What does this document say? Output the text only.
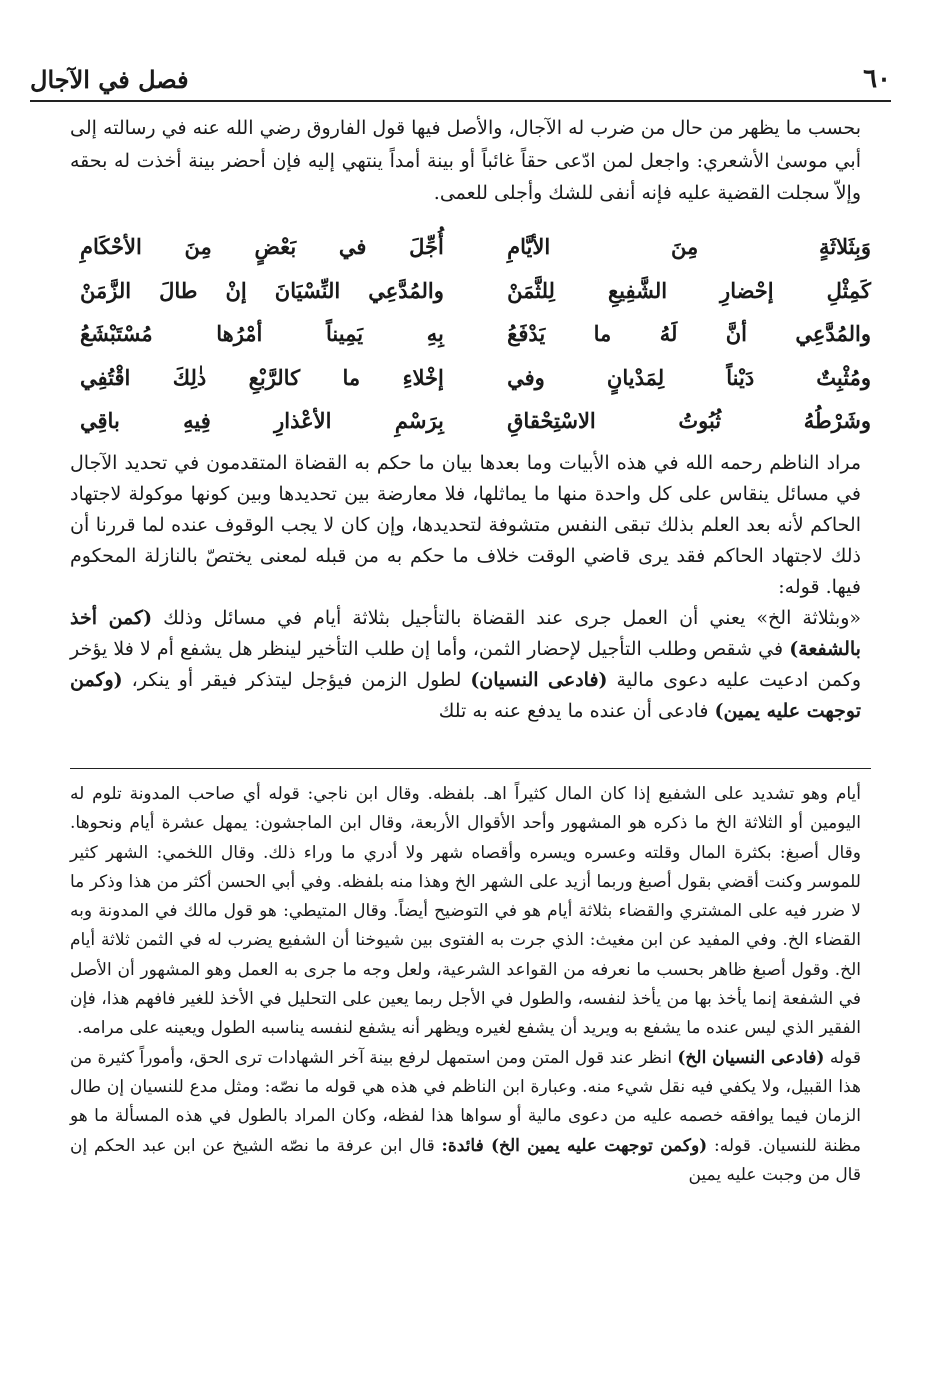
فصل في الآجال	٦٠

بحسب ما يظهر من حال من ضرب له الآجال، والأصل فيها قول الفاروق رضي الله عنه في رسالته إلى أبي موسىٰ الأشعري: واجعل لمن ادّعى حقاً غائباً أو بينة أمداً ينتهي إليه فإن أحضر بينة أخذت له بحقه وإلاّ سجلت القضية عليه فإنه أنفى للشك وأجلى للعمى.

وَبِثَلاثَةٍ مِنَ الأيَّامِ
أُجِّلَ في بَعْضٍ مِنَ الأحْكَامِ
كَمِثْلِ إحْضارِ الشَّفِيعِ لِلثَّمَنْ
والمُدَّعِي النِّسْيَانَ إنْ طالَ الزَّمَنْ
والمُدَّعِي أنَّ لَهُ ما يَدْفَعُ
بِهِ يَمِيناً أمْرُها مُسْتَبْشَعُ
ومُثْبِتٌ دَيْناً لِمَدْيانٍ وفي
إخْلاءِ ما كالرَّبْعِ ذٰلِكَ اقْتُفِي
وشَرْطُهُ ثُبُوتُ الاسْتِحْقاقِ
بِرَسْمِ الأعْذارِ فِيهِ باقِي

مراد الناظم رحمه الله في هذه الأبيات وما بعدها بيان ما حكم به القضاة المتقدمون في تحديد الآجال في مسائل ينقاس على كل واحدة منها ما يماثلها، فلا معارضة بين تحديدها وبين كونها موكولة لاجتهاد الحاكم لأنه بعد العلم بذلك تبقى النفس متشوفة لتحديدها، وإن كان لا يجب الوقوف عنده لما قررنا أن ذلك لاجتهاد الحاكم فقد يرى قاضي الوقت خلاف ما حكم به من قبله لمعنى يختصّ بالنازلة المحكوم فيها. قوله:

«وبثلاثة الخ» يعني أن العمل جرى عند القضاة بالتأجيل بثلاثة أيام في مسائل وذلك (كمن أخذ بالشفعة) في شقص وطلب التأجيل لإحضار الثمن، وأما إن طلب التأخير لينظر هل يشفع أم لا فلا يؤخر وكمن ادعيت عليه دعوى مالية (فادعى النسيان) لطول الزمن فيؤجل ليتذكر فيقر أو ينكر، (وكمن توجهت عليه يمين) فادعى أن عنده ما يدفع عنه به تلك

أيام وهو تشديد على الشفيع إذا كان المال كثيراً اهـ. بلفظه. وقال ابن ناجي: قوله أي صاحب المدونة تلوم له اليومين أو الثلاثة الخ ما ذكره هو المشهور وأحد الأقوال الأربعة، وقال ابن الماجشون: يمهل عشرة أيام ونحوها. وقال أصبغ: بكثرة المال وقلته وعسره ويسره وأقصاه شهر ولا أدري ما وراء ذلك. وقال اللخمي: الشهر كثير للموسر وكنت أقضي بقول أصبغ وربما أزيد على الشهر الخ وهذا منه بلفظه. وفي أبي الحسن أكثر من هذا وذكر ما لا ضرر فيه على المشتري والقضاء بثلاثة أيام هو في التوضيح أيضاً. وقال المتيطي: هو قول مالك في المدونة وبه القضاء الخ. وفي المفيد عن ابن مغيث: الذي جرت به الفتوى بين شيوخنا أن الشفيع يضرب له في الثمن ثلاثة أيام الخ. وقول أصبغ ظاهر بحسب ما نعرفه من القواعد الشرعية، ولعل وجه ما جرى به العمل وهو المشهور أن الأصل في الشفعة إنما يأخذ بها من يأخذ لنفسه، والطول في الأجل ربما يعين على التحليل في الأخذ للغير فافهم هذا، فإن الفقير الذي ليس عنده ما يشفع به ويريد أن يشفع لغيره ويظهر أنه يشفع لنفسه يناسبه الطول ويعينه على مرامه.

قوله (فادعى النسيان الخ) انظر عند قول المتن ومن استمهل لرفع بينة آخر الشهادات ترى الحق، وأموراً كثيرة من هذا القبيل، ولا يكفي فيه نقل شيء منه. وعبارة ابن الناظم في هذه هي قوله ما نصّه: ومثل مدع للنسيان إن طال الزمان فيما يوافقه خصمه عليه من دعوى مالية أو سواها هذا لفظه، وكان المراد بالطول في هذه المسألة ما هو مظنة للنسيان. قوله: (وكمن توجهت عليه يمين الخ) فائدة: قال ابن عرفة ما نصّه الشيخ عن ابن عبد الحكم إن قال من وجبت عليه يمين
